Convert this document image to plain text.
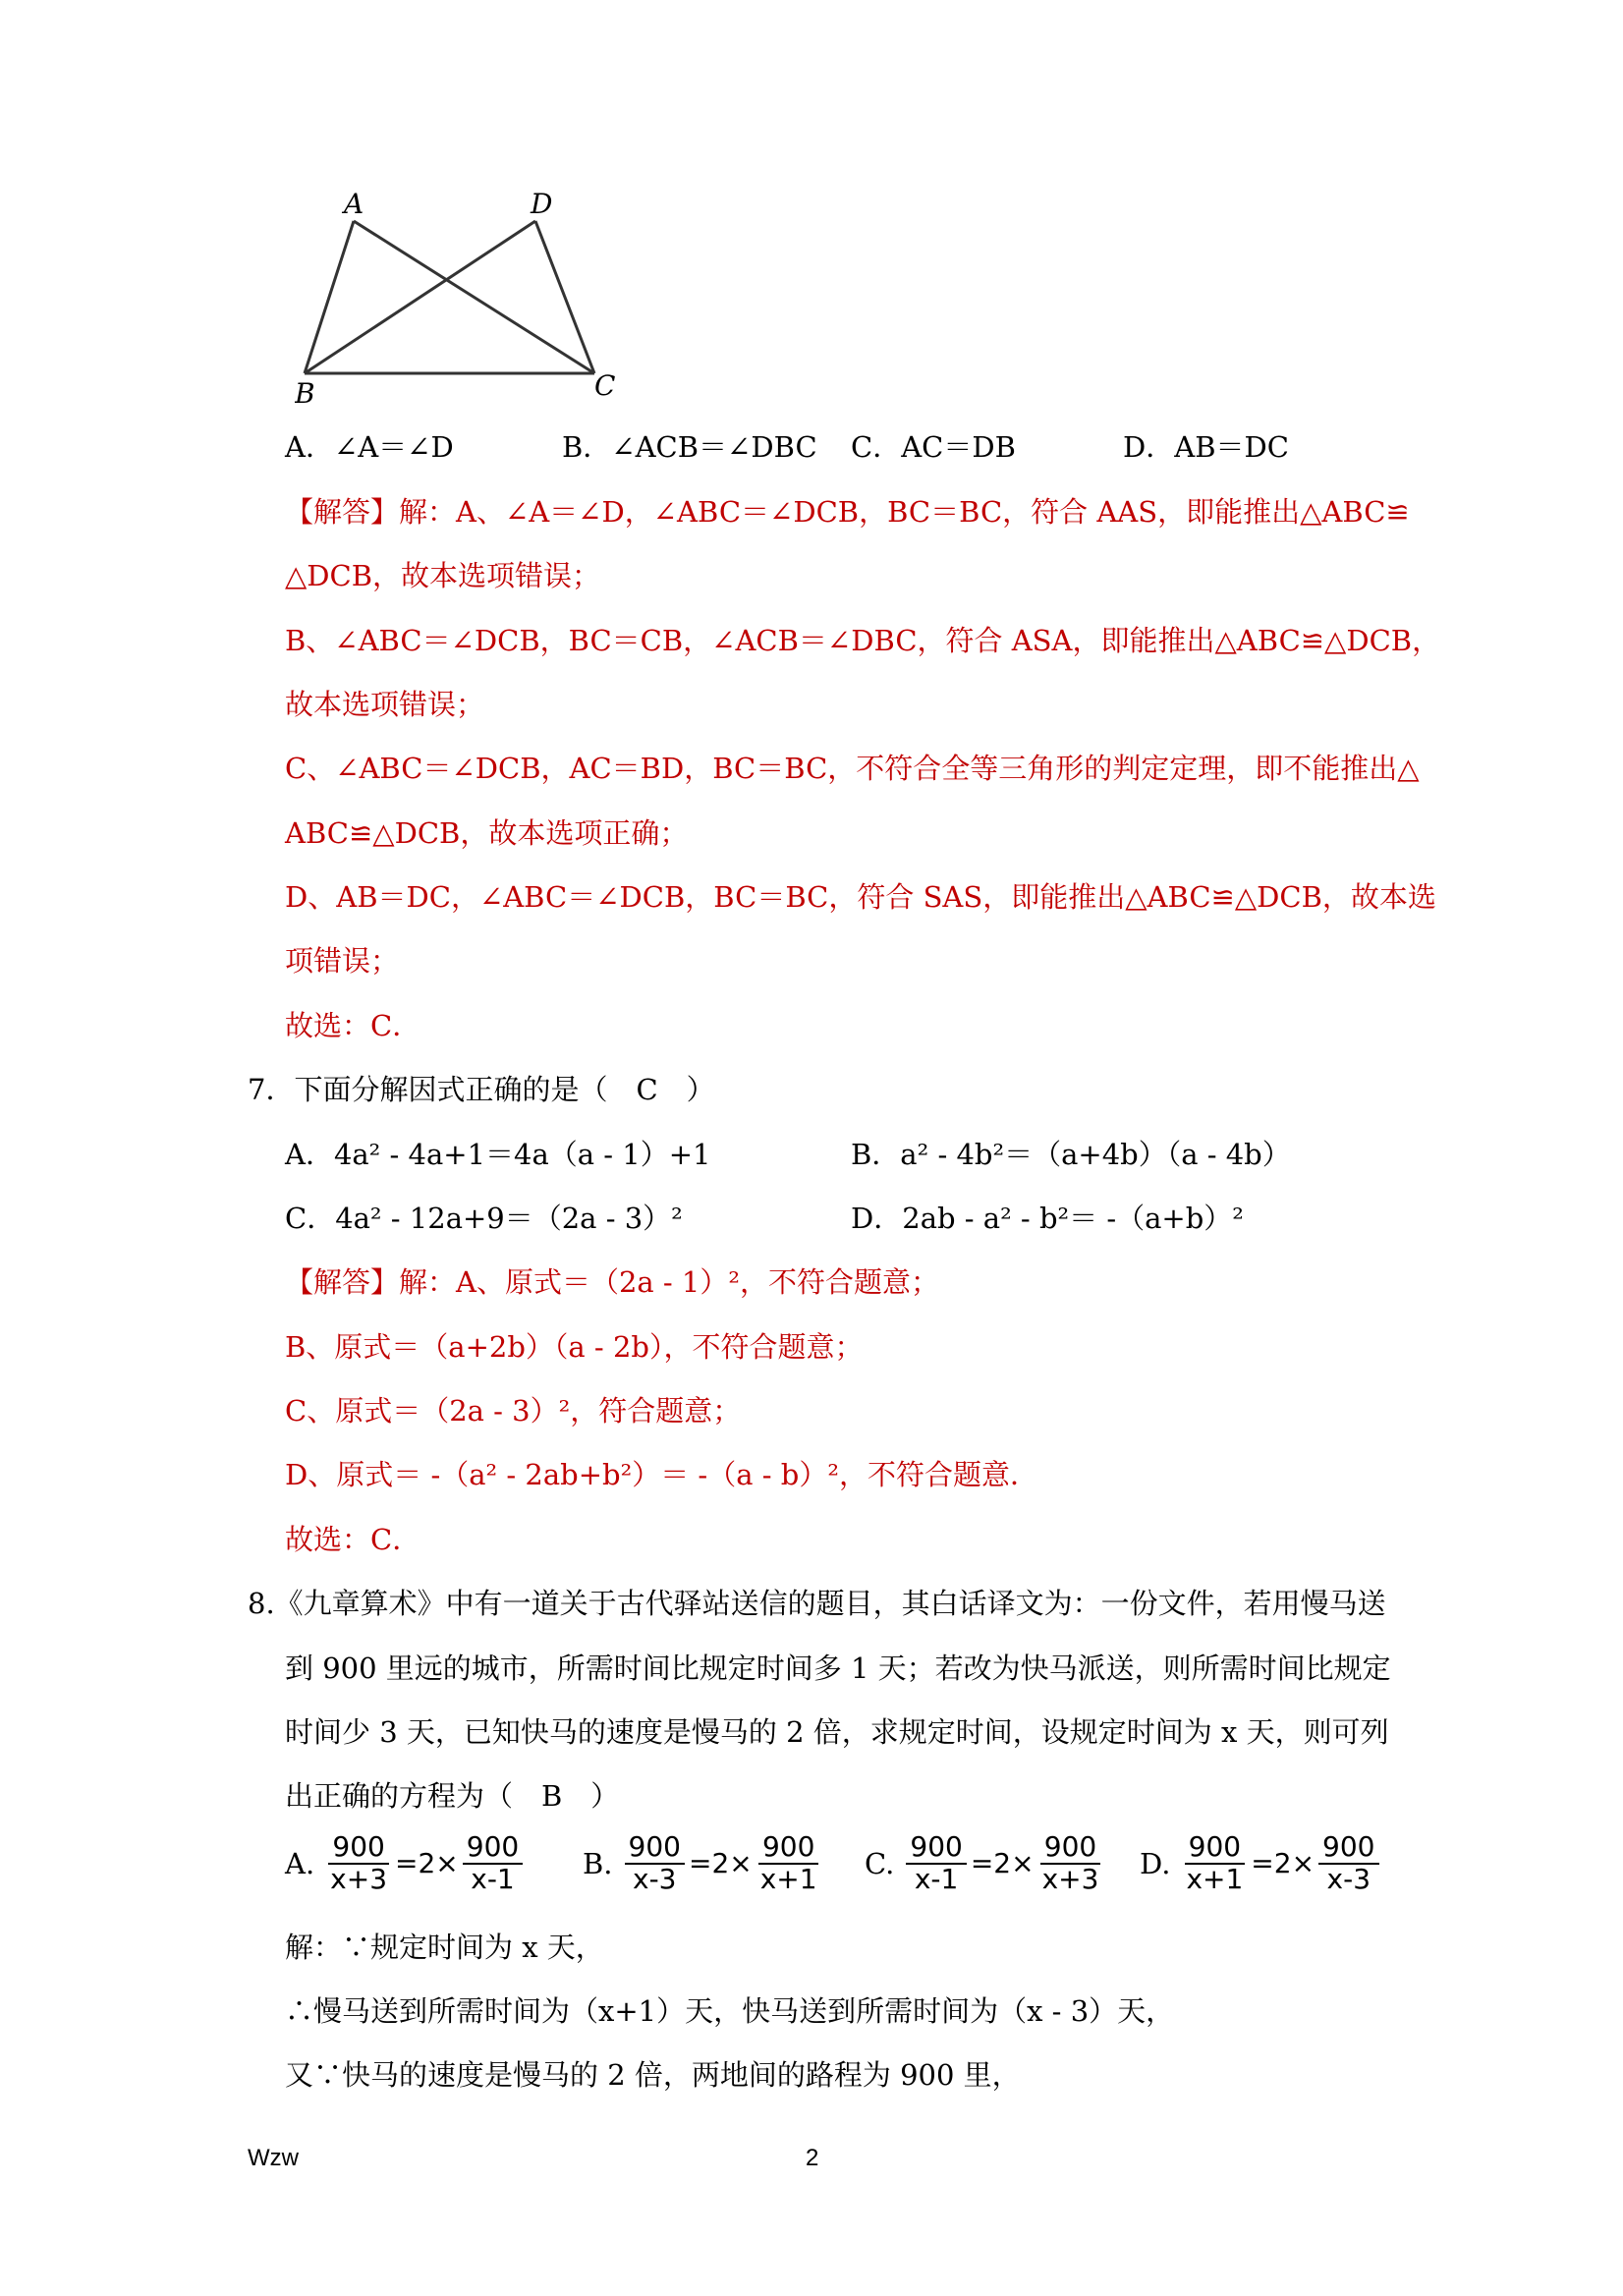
A	D
B	C
A．∠A＝∠D	B．∠ACB＝∠DBC C．AC＝DB	D．AB＝DC
【解答】解：A、∠A＝∠D，∠ABC＝∠DCB，BC＝BC，符合 AAS，即能推出△ABC≌
△DCB，故本选项错误；
B、∠ABC＝∠DCB，BC＝CB，∠ACB＝∠DBC，符合 ASA，即能推出△ABC≌△DCB，
故本选项错误；
C、∠ABC＝∠DCB，AC＝BD，BC＝BC，不符合全等三角形的判定定理，即不能推出△
ABC≌△DCB，故本选项正确；
D、AB＝DC，∠ABC＝∠DCB，BC＝BC，符合 SAS，即能推出△ABC≌△DCB，故本选
项错误；
故选：C．
7．下面分解因式正确的是（　C　）
A．4a² - 4a+1＝4a（a - 1）+1	B．a² - 4b²＝（a+4b）（a - 4b）
C．4a² - 12a+9＝（2a - 3）²	D．2ab - a² - b²＝ -（a+b）²
【解答】解：A、原式＝（2a - 1）²，不符合题意；
B、原式＝（a+2b）（a - 2b），不符合题意；
C、原式＝（2a - 3）²，符合题意；
D、原式＝ -（a² - 2ab+b²）＝ -（a - b）²，不符合题意．
故选：C．
8.《九章算术》中有一道关于古代驿站送信的题目，其白话译文为：一份文件，若用慢马送
到 900 里远的城市，所需时间比规定时间多 1 天；若改为快马派送，则所需时间比规定
时间少 3 天，已知快马的速度是慢马的 2 倍，求规定时间，设规定时间为 x 天，则可列
出正确的方程为（　B　）
A. $\frac{900}{x+3} =2\times \frac{900}{x-1} B$. $\frac{900}{x-3} =2\times \frac{900}{x+1} C$. $\frac{900}{x-1} =2\times \frac{900}{x+3} D$. $\frac{900}{x+1} =2\times \frac{900}{x-3}$
解：∵规定时间为 x 天，
∴慢马送到所需时间为（x+1）天，快马送到所需时间为（x - 3）天，
又∵快马的速度是慢马的 2 倍，两地间的路程为 900 里，
Wzw	2
